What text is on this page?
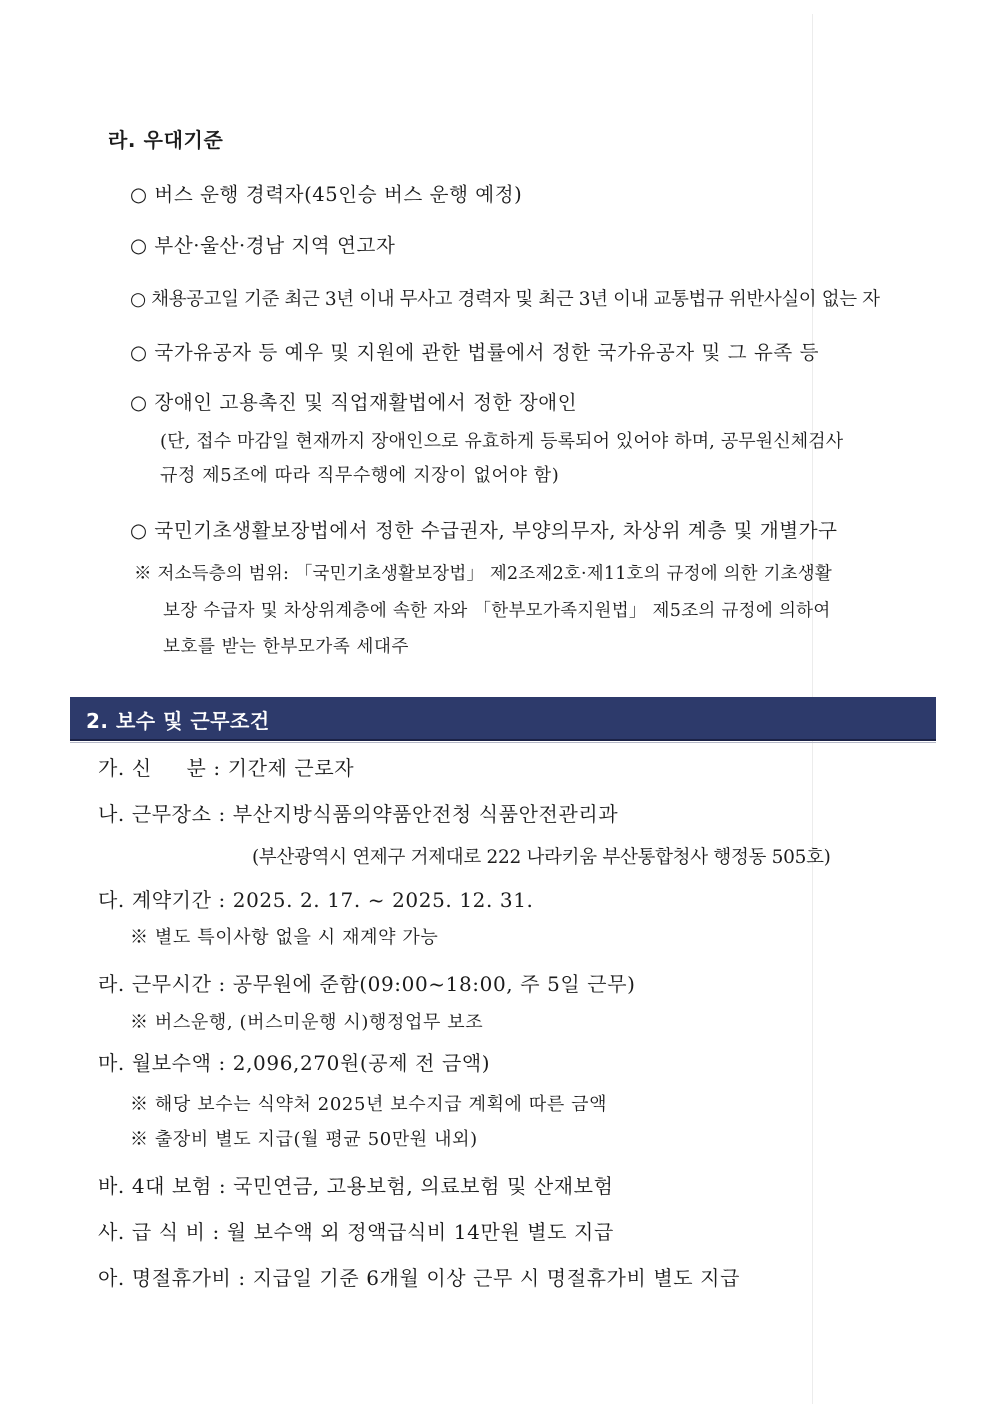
라. 우대기준
○ 버스 운행 경력자(45인승 버스 운행 예정)
○ 부산·울산·경남 지역 연고자
○ 채용공고일 기준 최근 3년 이내 무사고 경력자 및 최근 3년 이내 교통법규 위반사실이 없는 자
○ 국가유공자 등 예우 및 지원에 관한 법률에서 정한 국가유공자 및 그 유족 등
○ 장애인 고용촉진 및 직업재활법에서 정한 장애인
(단, 접수 마감일 현재까지 장애인으로 유효하게 등록되어 있어야 하며, 공무원신체검사
규정 제5조에 따라 직무수행에 지장이 없어야 함)
○ 국민기초생활보장법에서 정한 수급권자, 부양의무자, 차상위 계층 및 개별가구
※ 저소득층의 범위: 「국민기초생활보장법」 제2조제2호·제11호의 규정에 의한 기초생활
보장 수급자 및 차상위계층에 속한 자와 「한부모가족지원법」 제5조의 규정에 의하여
보호를 받는 한부모가족 세대주
2. 보수 및 근무조건
가. 신     분 : 기간제 근로자
나. 근무장소 : 부산지방식품의약품안전청 식품안전관리과
(부산광역시 연제구 거제대로 222 나라키움 부산통합청사 행정동 505호)
다. 계약기간 : 2025. 2. 17. ~ 2025. 12. 31.
※ 별도 특이사항 없을 시 재계약 가능
라. 근무시간 : 공무원에 준함(09:00~18:00, 주 5일 근무)
※ 버스운행, (버스미운행 시)행정업무 보조
마. 월보수액 : 2,096,270원(공제 전 금액)
※ 해당 보수는 식약처 2025년 보수지급 계획에 따른 금액
※ 출장비 별도 지급(월 평균 50만원 내외)
바. 4대 보험 : 국민연금, 고용보험, 의료보험 및 산재보험
사. 급 식 비 : 월 보수액 외 정액급식비 14만원 별도 지급
아. 명절휴가비 : 지급일 기준 6개월 이상 근무 시 명절휴가비 별도 지급
